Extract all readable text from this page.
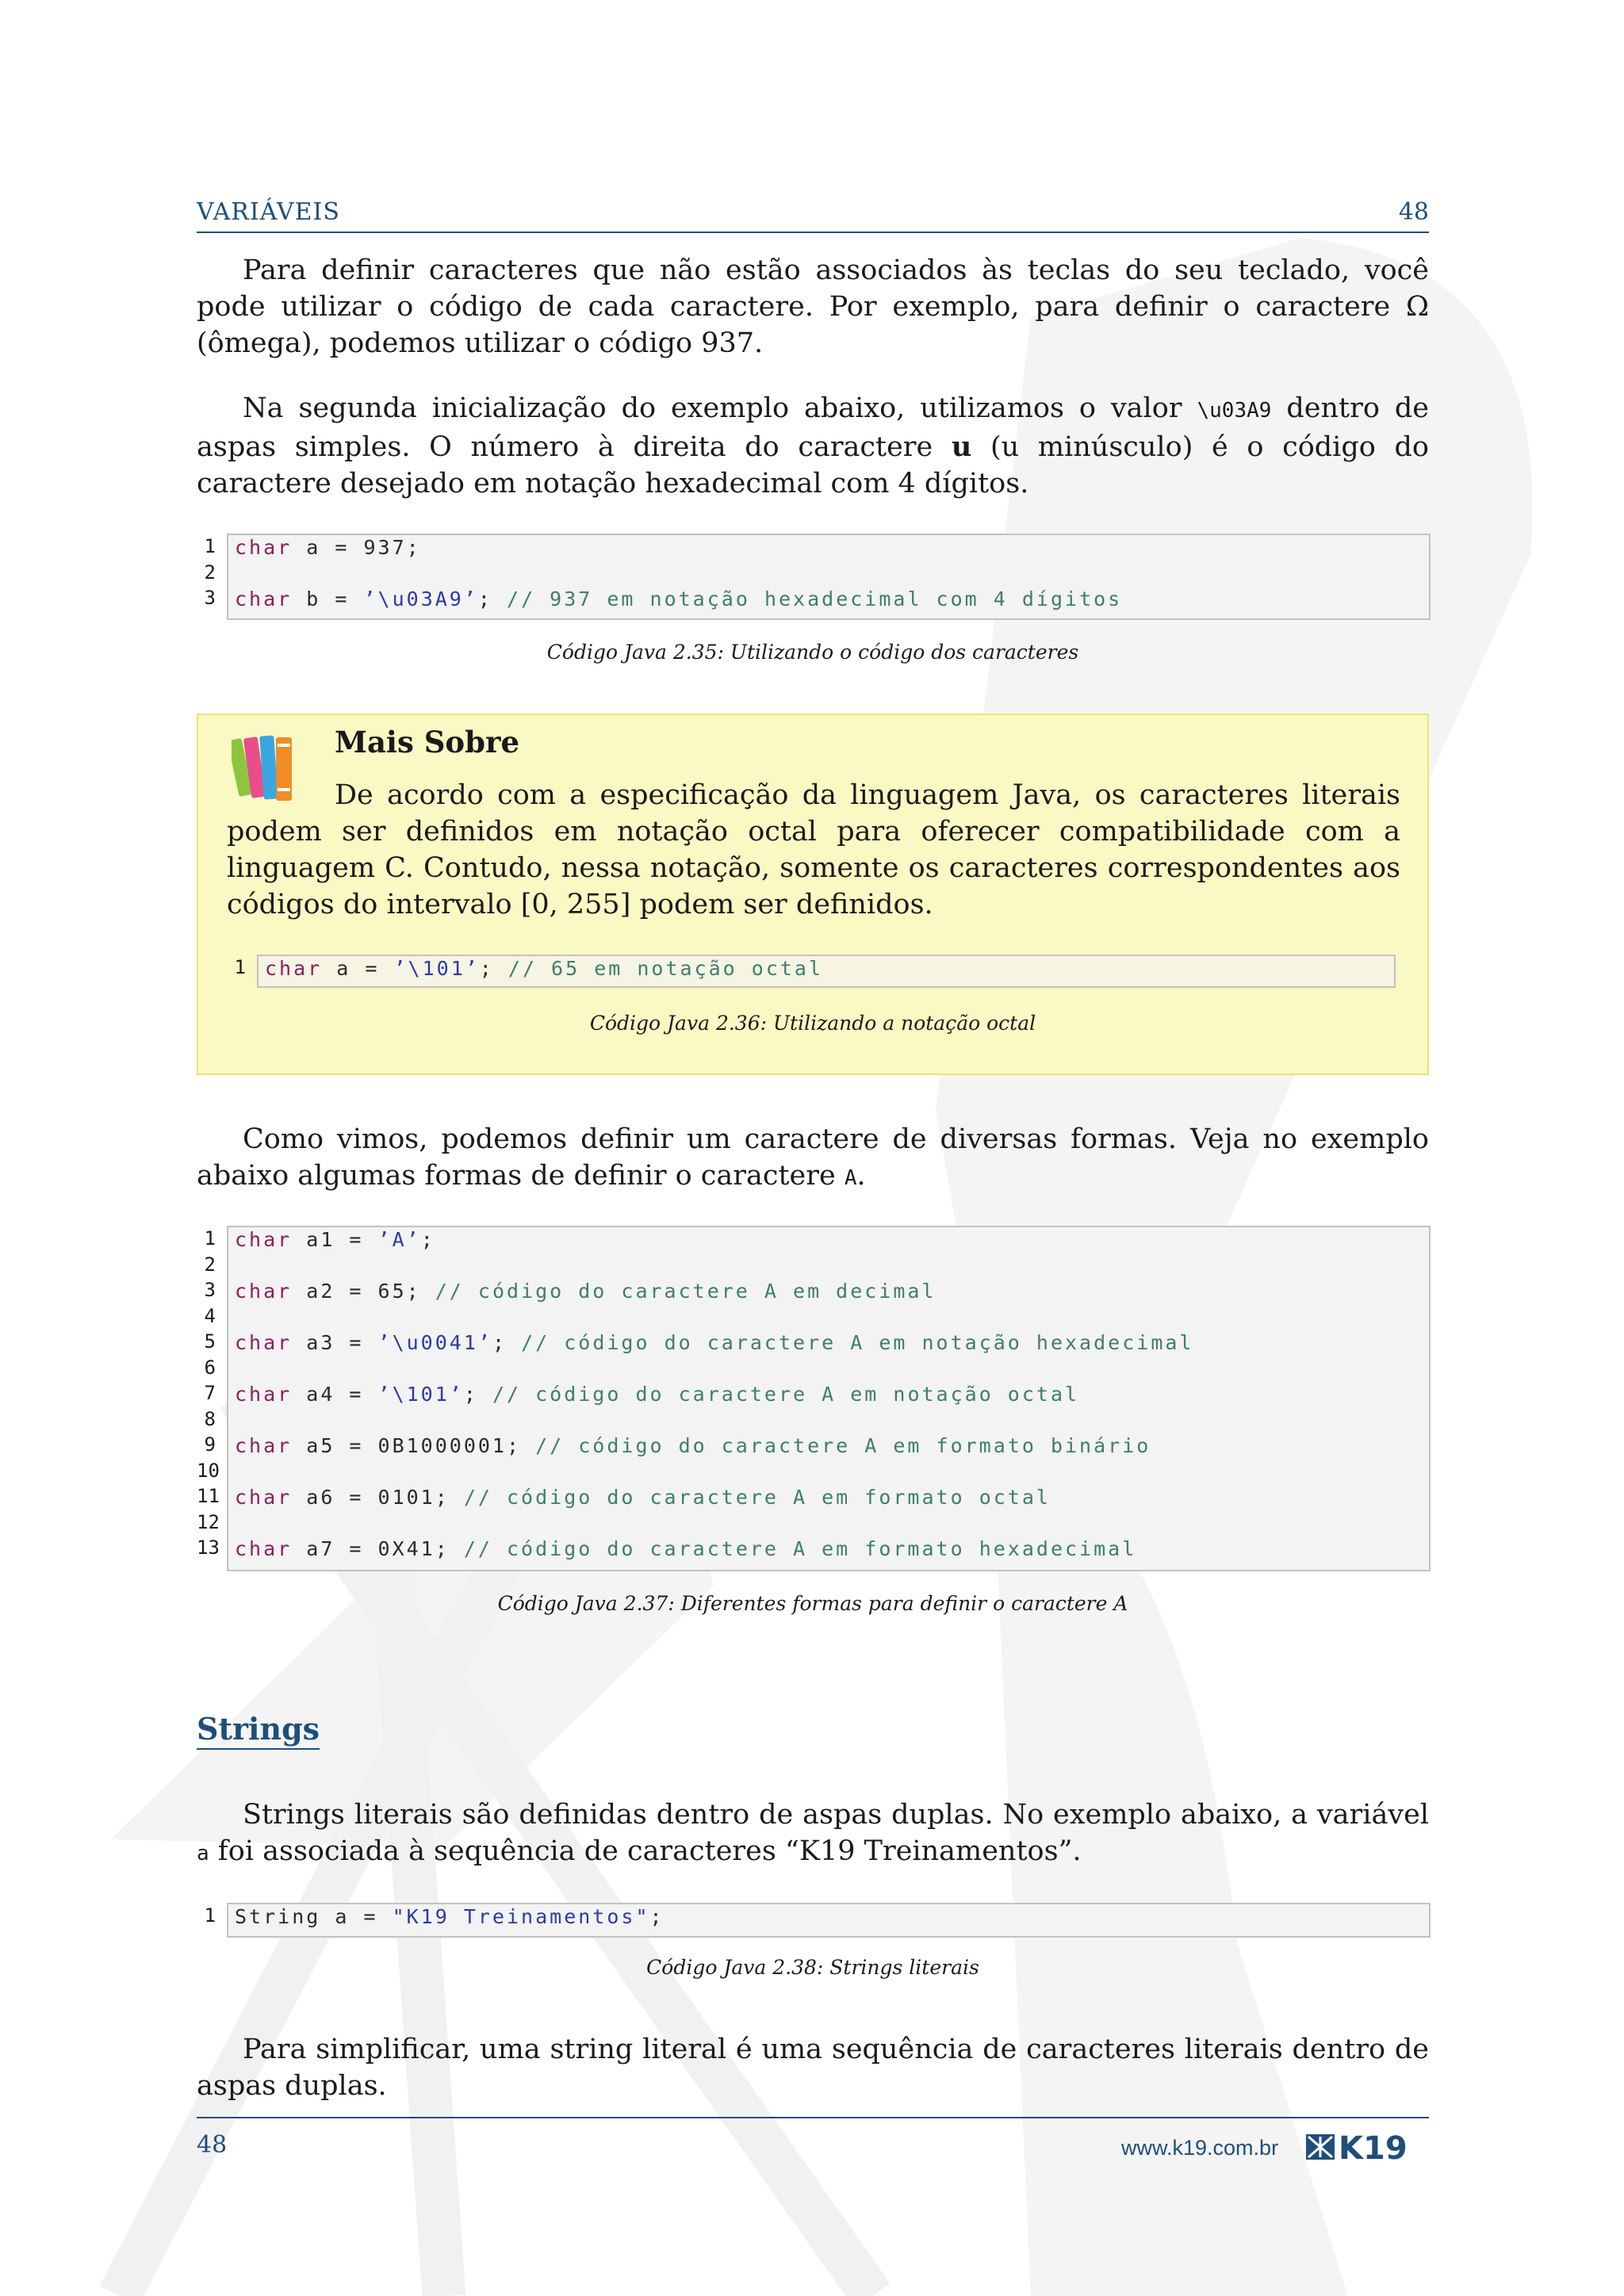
VARIÁVEIS	48
Para definir caracteres que não estão associados às teclas do seu teclado, você pode utilizar o código de cada caractere. Por exemplo, para definir o caractere Ω (ômega), podemos utilizar o código 937.
Na segunda inicialização do exemplo abaixo, utilizamos o valor \u03A9 dentro de aspas simples. O número à direita do caractere u (u minúsculo) é o código do caractere desejado em notação hexadecimal com 4 dígitos.
1
2
3
char a = 937;
char b = ’\u03A9’; // 937 em notação hexadecimal com 4 dígitos
Código Java 2.35: Utilizando o código dos caracteres
Mais Sobre
De acordo com a especificação da linguagem Java, os caracteres literais podem ser definidos em notação octal para oferecer compatibilidade com a linguagem C. Contudo, nessa notação, somente os caracteres correspondentes aos códigos do intervalo [0, 255] podem ser definidos.
1 char a = ’\101’; // 65 em notação octal
Código Java 2.36: Utilizando a notação octal
Como vimos, podemos definir um caractere de diversas formas. Veja no exemplo abaixo algumas formas de definir o caractere A.
1
2
3
4
5
6
7
8
9
10
11
12
13
char a1 = ’A’;
char a2 = 65; // código do caractere A em decimal
char a3 = ’\u0041’; // código do caractere A em notação hexadecimal
char a4 = ’\101’; // código do caractere A em notação octal
char a5 = 0B1000001; // código do caractere A em formato binário
char a6 = 0101; // código do caractere A em formato octal
char a7 = 0X41; // código do caractere A em formato hexadecimal
Código Java 2.37: Diferentes formas para definir o caractere A
Strings
Strings literais são definidas dentro de aspas duplas. No exemplo abaixo, a variável a foi associada à sequência de caracteres “K19 Treinamentos”.
1 String a = "K19 Treinamentos";
Código Java 2.38: Strings literais
Para simplificar, uma string literal é uma sequência de caracteres literais dentro de aspas duplas.
48	www.k19.com.br K19
